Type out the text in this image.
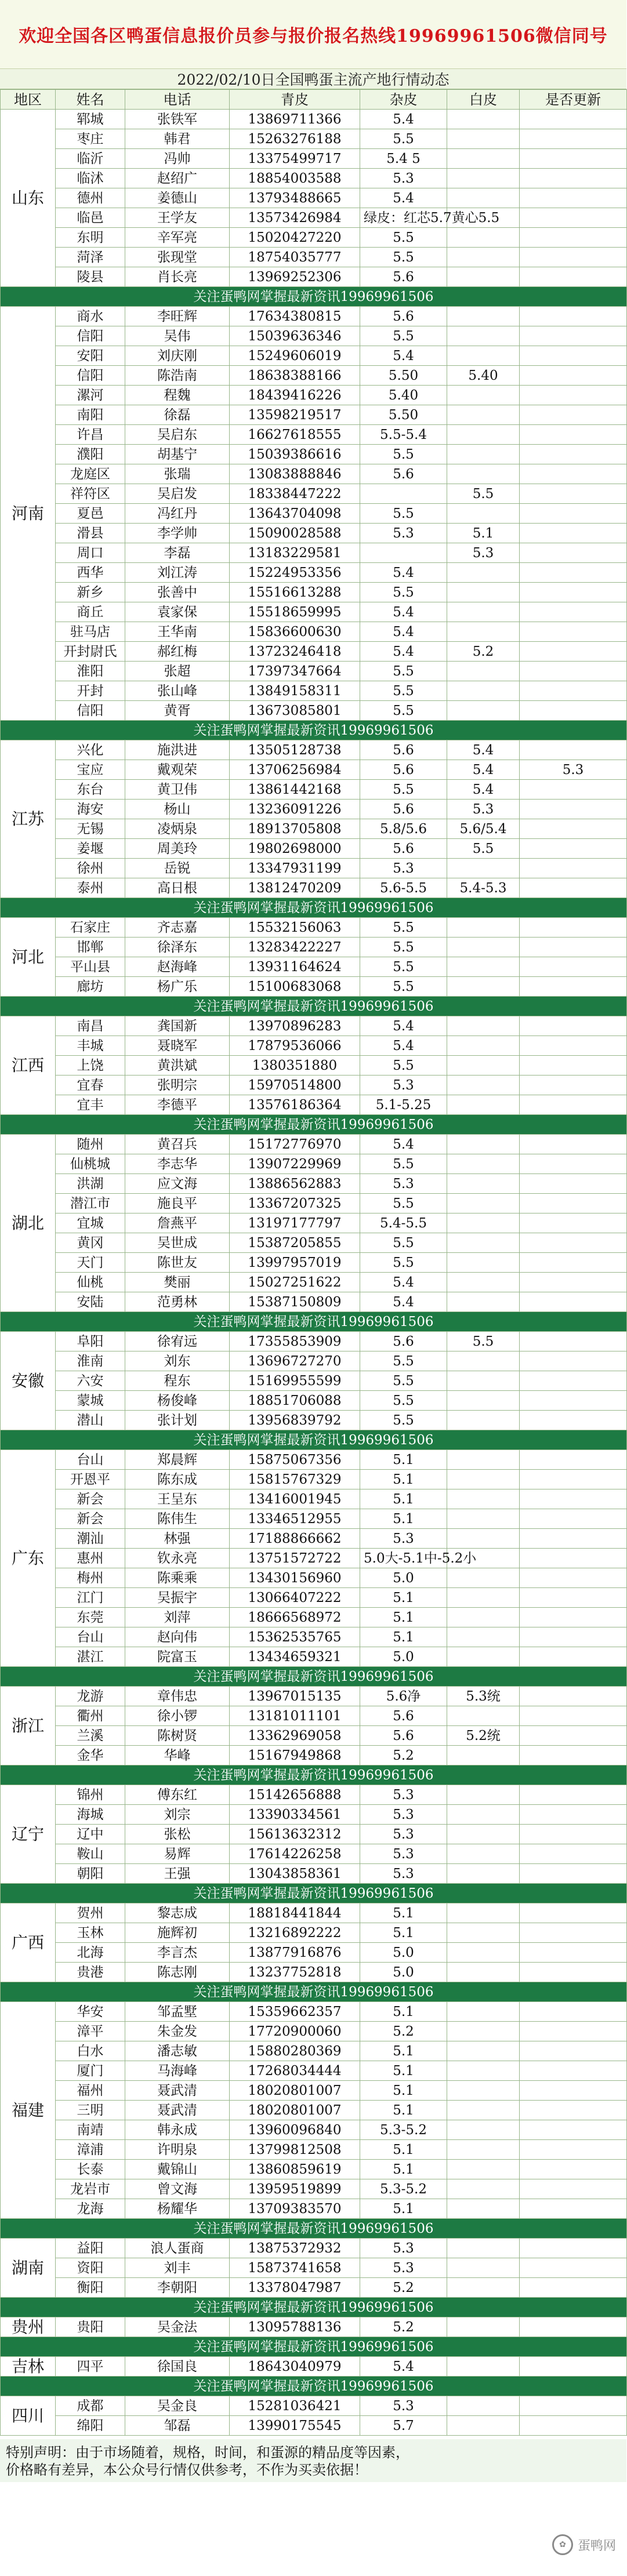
欢迎全国各区鸭蛋信息报价员参与报价报名热线19969961506微信同号
2022/02/10日全国鸭蛋主流产地行情动态
地区	姓名	电话	青皮	杂皮	白皮	是否更新	
山东	郓城	张铁军	13869711366	5.4			
	枣庄	韩君	15263276188	5.5			
	临沂	冯帅	13375499717	5.4 5			
	临沭	赵绍广	18854003588	5.3			
	德州	姜德山	13793488665	5.4			
	临邑	王学友	13573426984	绿皮：红芯5.7黄心5.5			
	东明	辛军亮	15020427220	5.5			
	菏泽	张现堂	18754035777	5.5			
	陵县	肖长亮	13969252306	5.6			
关注蛋鸭网掌握最新资讯19969961506							
河南	商水	李旺辉	17634380815	5.6			
	信阳	吴伟	15039636346	5.5			
	安阳	刘庆刚	15249606019	5.4			
	信阳	陈浩南	18638388166	5.50	5.40		
	漯河	程魏	18439416226	5.40			
	南阳	徐磊	13598219517	5.50			
	许昌	吴启东	16627618555	5.5-5.4			
	濮阳	胡基宁	15039386616	5.5			
	龙庭区	张瑞	13083888846	5.6			
	祥符区	吴启发	18338447222		5.5		
	夏邑	冯红丹	13643704098	5.5			
	滑县	李学帅	15090028588	5.3	5.1		
	周口	李磊	13183229581		5.3		
	西华	刘江涛	15224953356	5.4			
	新乡	张善中	15516613288	5.5			
	商丘	袁家保	15518659995	5.4			
	驻马店	王华南	15836600630	5.4			
	开封尉氏	郝红梅	13723246418	5.4	5.2		
	淮阳	张超	17397347664	5.5			
	开封	张山峰	13849158311	5.5			
	信阳	黄胥	13673085801	5.5			
关注蛋鸭网掌握最新资讯19969961506							
江苏	兴化	施洪进	13505128738	5.6	5.4		
	宝应	戴观荣	13706256984	5.6	5.4	5.3	
	东台	黄卫伟	13861442168	5.5	5.4		
	海安	杨山	13236091226	5.6	5.3		
	无锡	凌炳泉	18913705808	5.8/5.6	5.6/5.4		
	姜堰	周美玲	19802698000	5.6	5.5		
	徐州	岳锐	13347931199	5.3			
	泰州	高日根	13812470209	5.6-5.5	5.4-5.3		
关注蛋鸭网掌握最新资讯19969961506							
河北	石家庄	齐志嘉	15532156063	5.5			
	邯郸	徐泽东	13283422227	5.5			
	平山县	赵海峰	13931164624	5.5			
	廊坊	杨广乐	15100683068	5.5			
关注蛋鸭网掌握最新资讯19969961506							
江西	南昌	龚国新	13970896283	5.4			
	丰城	聂晓军	17879536066	5.4			
	上饶	黄洪斌	1380351880	5.5			
	宜春	张明宗	15970514800	5.3			
	宜丰	李德平	13576186364	5.1-5.25			
关注蛋鸭网掌握最新资讯19969961506							
湖北	随州	黄召兵	15172776970	5.4			
	仙桃城	李志华	13907229969	5.5			
	洪湖	应文海	13886562883	5.3			
	潜江市	施良平	13367207325	5.5			
	宜城	詹燕平	13197177797	5.4-5.5			
	黄冈	吴世成	15387205855	5.5			
	天门	陈世友	13997957019	5.5			
	仙桃	樊丽	15027251622	5.4			
	安陆	范勇林	15387150809	5.4			
关注蛋鸭网掌握最新资讯19969961506							
安徽	阜阳	徐宥远	17355853909	5.6	5.5		
	淮南	刘东	13696727270	5.5			
	六安	程东	15169955599	5.5			
	蒙城	杨俊峰	18851706088	5.5			
	潜山	张计划	13956839792	5.5			
关注蛋鸭网掌握最新资讯19969961506							
广东	台山	郑晨辉	15875067356	5.1			
	开恩平	陈东成	15815767329	5.1			
	新会	王呈东	13416001945	5.1			
	新会	陈伟生	13346512955	5.1			
	潮汕	林强	17188866662	5.3			
	惠州	钦永亮	13751572722	5.0大-5.1中-5.2小			
	梅州	陈乘乘	13430156960	5.0			
	江门	吴振宇	13066407222	5.1			
	东莞	刘萍	18666568972	5.1			
	台山	赵向伟	15362535765	5.1			
	湛江	院富玉	13434659321	5.0			
关注蛋鸭网掌握最新资讯19969961506							
浙江	龙游	章伟忠	13967015135	5.6净	5.3统		
	衢州	徐小锣	13181011101	5.6			
	兰溪	陈树贤	13362969058	5.6	5.2统		
	金华	华峰	15167949868	5.2			
关注蛋鸭网掌握最新资讯19969961506							
辽宁	锦州	傅东红	15142656888	5.3			
	海城	刘宗	13390334561	5.3			
	辽中	张松	15613632312	5.3			
	鞍山	易辉	17614226258	5.3			
	朝阳	王强	13043858361	5.3			
关注蛋鸭网掌握最新资讯19969961506							
广西	贺州	黎志成	18818441844	5.1			
	玉林	施辉初	13216892222	5.1			
	北海	李言杰	13877916876	5.0			
	贵港	陈志刚	13237752818	5.0			
关注蛋鸭网掌握最新资讯19969961506							
福建	华安	邹孟墅	15359662357	5.1			
	漳平	朱金发	17720900060	5.2			
	白水	潘志敏	15880280369	5.1			
	厦门	马海峰	17268034444	5.1			
	福州	聂武清	18020801007	5.1			
	三明	聂武清	18020801007	5.1			
	南靖	韩永成	13960096840	5.3-5.2			
	漳浦	许明泉	13799812508	5.1			
	长泰	戴锦山	13860859619	5.1			
	龙岩市	曾文海	13959519899	5.3-5.2			
	龙海	杨耀华	13709383570	5.1			
关注蛋鸭网掌握最新资讯19969961506							
湖南	益阳	浪人蛋商	13875372932	5.3			
	资阳	刘丰	15873741658	5.3			
	衡阳	李朝阳	13378047987	5.2			
关注蛋鸭网掌握最新资讯19969961506							
贵州	贵阳	吴金法	13095788136	5.2			
关注蛋鸭网掌握最新资讯19969961506							
吉林	四平	徐国良	18643040979	5.4			
关注蛋鸭网掌握最新资讯19969961506							
四川	成都	吴金良	15281036421	5.3			
	绵阳	邹磊	13990175545	5.7			
特别声明：由于市场随着，规格，时间，和蛋源的精品度等因素，
价格略有差异，本公众号行情仅供参考，不作为买卖依据！
✿ 蛋鸭网
